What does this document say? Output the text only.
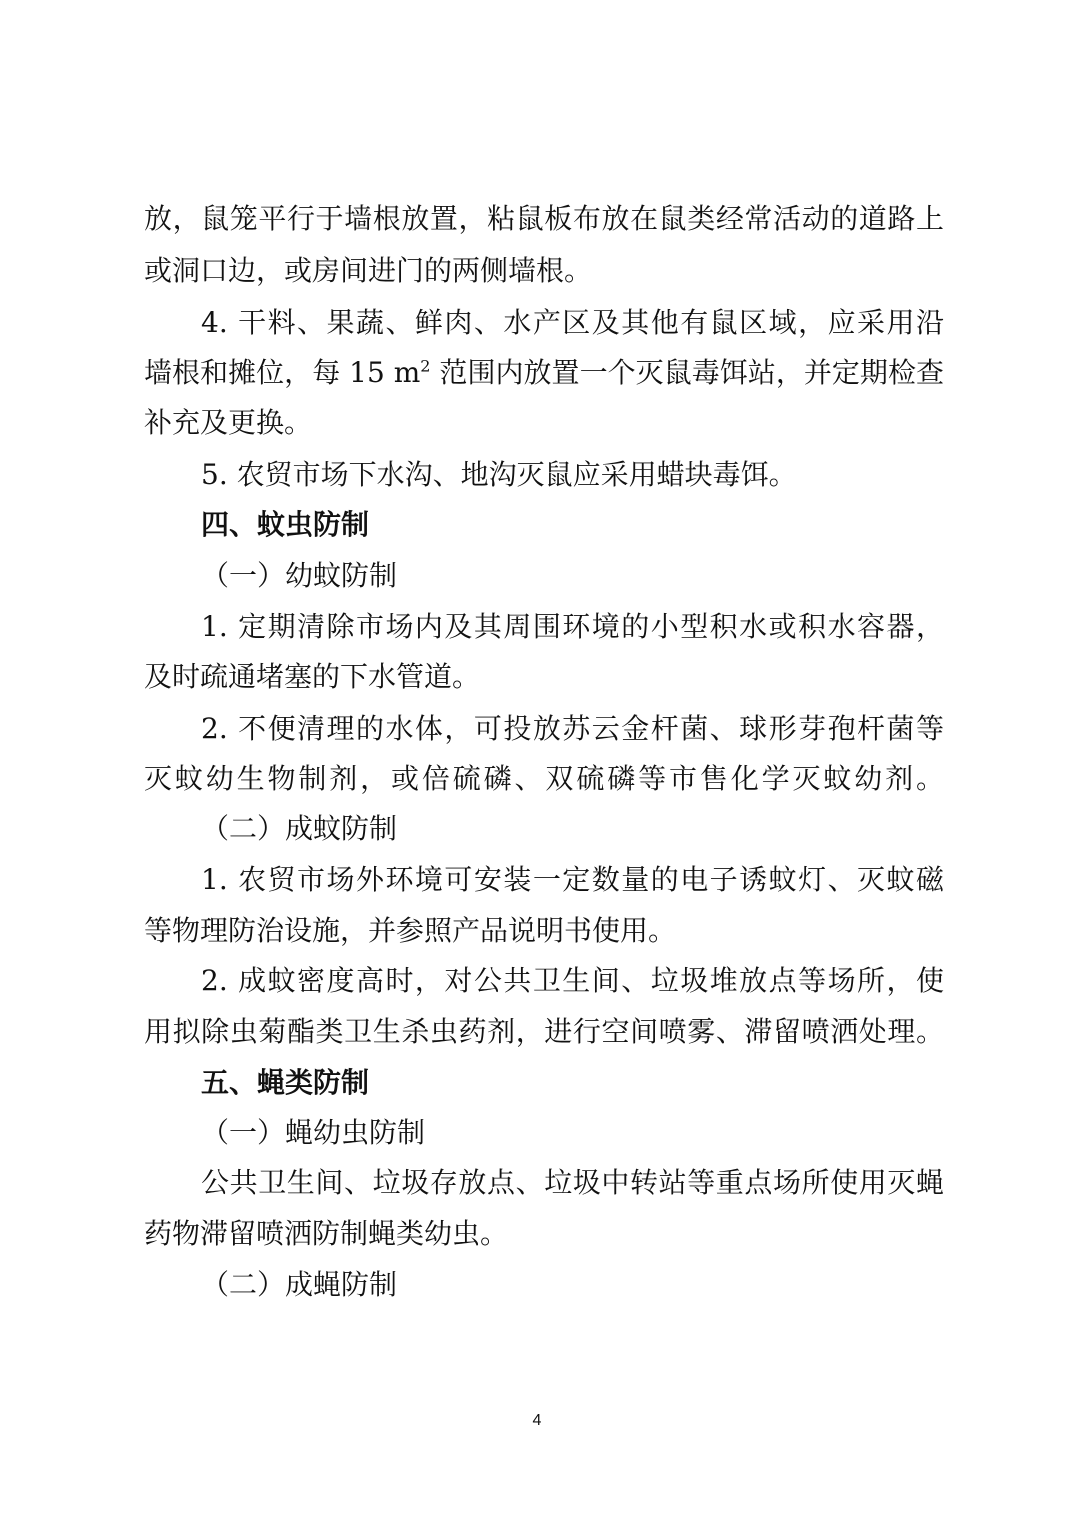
放，鼠笼平行于墙根放置，粘鼠板布放在鼠类经常活动的道路上
或洞口边，或房间进门的两侧墙根。
4. 干料、果蔬、鲜肉、水产区及其他有鼠区域，应采用沿
墙根和摊位，每 15 $m^2$ 范围内放置一个灭鼠毒饵站，并定期检查
补充及更换。
5. 农贸市场下水沟、地沟灭鼠应采用蜡块毒饵。
四、蚊虫防制
（一）幼蚊防制
1. 定期清除市场内及其周围环境的小型积水或积水容器，
及时疏通堵塞的下水管道。
2. 不便清理的水体，可投放苏云金杆菌、球形芽孢杆菌等
灭蚊幼生物制剂，或倍硫磷、双硫磷等市售化学灭蚊幼剂。
（二）成蚊防制
1. 农贸市场外环境可安装一定数量的电子诱蚊灯、灭蚊磁
等物理防治设施，并参照产品说明书使用。
2. 成蚊密度高时，对公共卫生间、垃圾堆放点等场所，使
用拟除虫菊酯类卫生杀虫药剂，进行空间喷雾、滞留喷洒处理。
五、蝇类防制
（一）蝇幼虫防制
公共卫生间、垃圾存放点、垃圾中转站等重点场所使用灭蝇
药物滞留喷洒防制蝇类幼虫。
（二）成蝇防制
4
